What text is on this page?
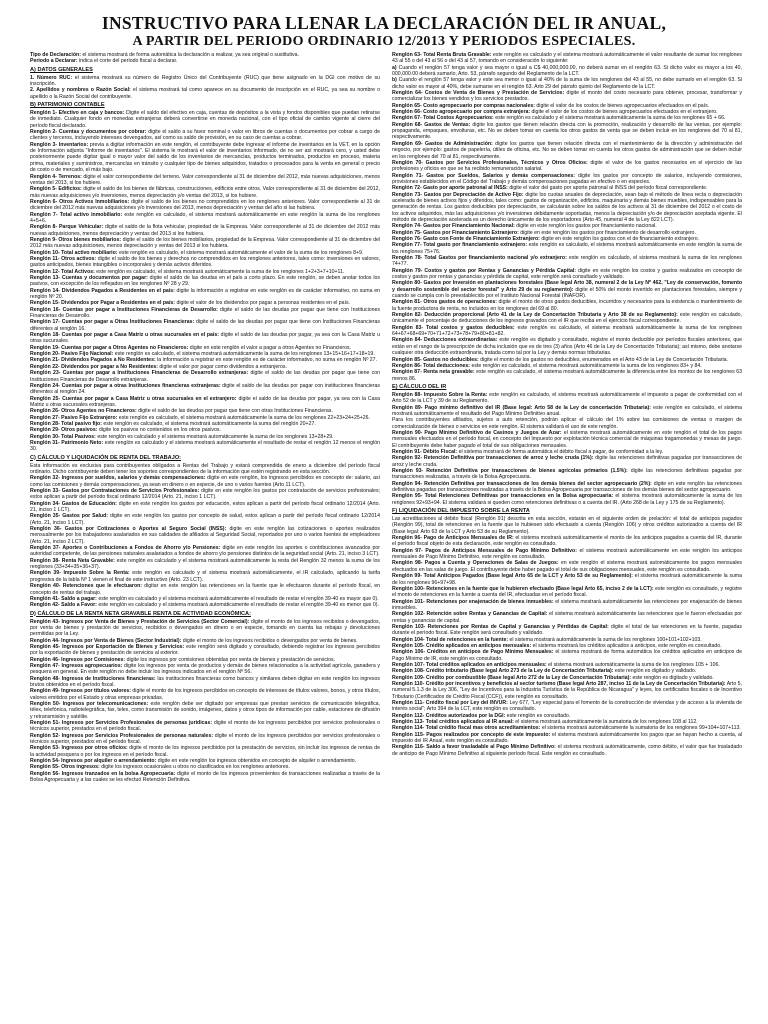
INSTRUCTIVO PARA LLENAR LA DECLARACIÓN DEL IR ANUAL,
A PARTIR DEL PERIODO ORDINARIO 12/2013 Y PERIODOS ESPECIALES.

Tipo de Declaración: el sistema mostrará de forma automática la declaración a realizar, ya sea original o sustitutiva.

Periodo a Declarar: indica el corte del período fiscal a declarar.

A) DATOS GENERALES

1. Número RUC: el sistema mostrará su número de Registro Único del Contribuyente (RUC) que tiene asignado en la DGI con motivo de su inscripción.

2. Apellidos y nombres o Razón Social: el sistema mostrará tal como aparece en su documento de inscripción en el RUC, ya sea su nombre o apellido o la Razón Social del contribuyente.

B) PATRIMONIO CONTABLE

Renglón 1- Efectivo en caja y bancos: Digite el saldo del efectivo en caja, cuentas de depósitos a la vista y fondos disponibles que puedan retirarse de inmediato. Cualquier fondo en monedas extranjeras deberá convertirse en moneda nacional, con el tipo oficial de cambio vigente al cierre del período fiscal declarado.

Renglón 2- Cuentas y documentos por cobrar: digite el saldo a su favor nominal o valor en libros de cuentas o documentos por cobrar a cargo de clientes y terceros, incluyendo intereses devengados, así como su saldo de provisión, en su caso de cuentas a cobrar.

Renglón 3- Inventarios: previa a digitar información en este renglón, el contribuyente debe ingresar el informe de inventarios en la VET, en la opción de Información adjunta "Informe de inventarios". El sistema le mostrará el valor de inventarios informado, de no ser así mostrará cero, y usted debe posteriormente puede digitar igual o mayor valor del saldo de los inventarios de mercancías, productos terminados, productos en proceso, materia prima, materiales y suministros, mercancías en tránsito y cualquier tipo de bienes adquiridos, tratados o procesados para la venta en general o precio de costo o de mercado, el más bajo.

Renglón 4- Terrenos: digite el valor correspondiente del terreno. Valor correspondiente al 31 de diciembre del 2012, más nuevas adquisiciones, menos ventas del 2013, si los hubiere.

Renglón 5- Edificios: digite el saldo de los bienes de fábricas, construcciones, edificios entre otros. Valor correspondiente al 31 de diciembre del 2012, más nuevas adquisiciones y/o inversiones, menos depreciación y/o ventas del 2013, si los hubiere.

Renglón 6- Otros Activos Inmobiliarios: digite el saldo de los bienes no comprendidos en los renglones anteriores. Valor correspondiente al 31 de diciembre del 2012 más nuevas adquisiciones y/o inversiones del 2013, menos depreciación y ventas del año si las hubiera.

Renglón 7- Total activo inmobiliario: este renglón es calculado, el sistema mostrará automáticamente en este renglón la suma de los renglones 4+5+6.

Renglón 8- Parque Vehicular: digite el saldo de la flota vehicular, propiedad de la Empresa. Valor correspondiente al 31 de diciembre del 2012 más nuevas adquisiciones, menos depreciación y ventas del 2013 si los hubiera.

Renglón 9- Otros bienes mobiliarios: digite el saldo de los bienes mobiliarios, propiedad de la Empresa. Valor correspondiente al 31 de diciembre del 2012 más nuevas adquisiciones, menos depreciación y ventas del 2013 si los hubiera.

Renglón 10- Total activo mobiliario: este renglón es calculado, el sistema mostrará automáticamente el valor de la suma de los renglones 8+9.

Renglón 11- Otros activos: digite el saldo de los bienes y derechos no comprendidos en los renglones anteriores, tales como: inversiones en valores, gastos anticipados, bienes intangibles o incorporales y demás activos diferidos.

Renglón 12- Total Activos: este renglón es calculado, el sistema mostrará automáticamente la suma de los renglones 1+2+3+7+10+11.

Renglón 13- Cuentas y documentos por pagar: digite el saldo de las deudas en el país a corto plazo. En este renglón, se deben anotar todos los pasivos, con excepción de los reflejados en los renglones Nº 28 y 29.

Renglón 14- Dividendos Pagados a Residentes en el país: digite la información a registrar en este renglón es de carácter informativo, no suma en renglón Nº 20.

Renglón 15- Dividendos por Pagar a Residentes en el país: digite el valor de los dividendos por pagar a personas residentes en el país.

Renglón 16- Cuentas por pagar a Instituciones Financieras de Desarrollo: digite el saldo de las deudas por pagar que tiene con Instituciones Financieras de Desarrollo.

Renglón 17- Cuentas por pagar a Otras Instituciones Financieras: digite el saldo de las deudas por pagar que tiene con Instituciones Financieras diferentes al renglón 16.

Renglón 18- Cuentas por pagar a Casa Matriz u otras sucursales en el país: digite el saldo de las deudas por pagar, ya sea con la Casa Matriz u otras sucursales.

Renglón 19- Cuentas por pagar a Otros Agentes no Financieros: digite en este renglón el valor a pagar a otros Agentes no Financieros.

Renglón 20- Pasivo Fijo Nacional: este renglón es calculado, el sistema mostrará automáticamente la suma de los renglones 13+15+16+17+18+19.

Renglón 21- Dividendos Pagados a No Residentes: la información a registrar en este renglón es de carácter informativo, no suma en renglón Nº 27.

Renglón 22- Dividendos por pagar a No Residentes: digite el valor por pagar como dividendos a extranjeros.

Renglón 23- Cuentas por pagar a Instituciones Financieras de Desarrollo extranjeras: digite el saldo de las deudas por pagar que tiene con Instituciones Financieras de Desarrollo extranjeras.

Renglón 24- Cuentas por pagar a otras Instituciones financieras extranjeras: digite el saldo de las deudas por pagar con instituciones financieras diferentes al renglón 24.

Renglón 25- Cuentas por pagar a Casa Matriz u otras sucursales en el extranjero: digite el saldo de las deudas por pagar, ya sea con la Casa Matriz u otras sucursales extranjeras.

Renglón 26- Otros Agentes no Financieros: digite el saldo de las deudas por pagar que tiene con otras Instituciones Financieras.

Renglón 27- Pasivo Fijo Extranjero: este renglón es calculado, el sistema mostrará automáticamente la suma de los renglones 22+23+24+25+26.

Renglón 28- Total pasivo fijo: este renglón es calculado, el sistema mostrará automáticamente la suma del renglón 20+27.

Renglón 29- Otros pasivos: digite los pasivos no contenidos en los otros pasivos.

Renglón 30- Total Pasivos: este renglón es calculado y el sistema mostrará automáticamente la suma de los renglones 13+28+29.

Renglón 31- Patrimonio Neto: este renglón es calculado y el sistema mostrará automáticamente el resultado de restar el renglón 12 menos el renglón 30.

C) CÁLCULO Y LIQUIDACIÓN DE RENTA DEL TRABAJO:

Esta información es exclusiva para contribuyentes obligados a Rentas del Trabajo y estará comprendida de enero a diciembre del período fiscal ordinario. Dicho contribuyente deben tener los soportes correspondientes de la información que estén registrando en esta sección.

Renglón 32- Ingresos por sueldos, salarios y demás compensaciones: digite en este renglón, los ingresos percibidos en concepto de: salario, así como las comisiones y demás compensaciones, ya sean en dinero o en especie, de uno o varios fuentes (Arto 11 LCT).

Renglón 33- Gastos por Contrataciones de Servicios Profesionales: digite en este renglón los gastos por contratación de servicios profesionales; estos aplican a partir del período fiscal ordinario 12/2014 (Arto. 21, inciso 1 LCT).

Renglón 34- Gastos de Educación: digite en este renglón los gastos por educación, estos aplican a partir del período fiscal ordinario 12/2014 (Arto. 21, inciso 1 LCT).

Renglón 35- Gastos por Salud: digite en este renglón los gastos por concepto de salud, estos aplican a partir del período fiscal ordinario 12/2014 (Arto. 21, inciso 1 LCT).

Renglón 36- Gastos por Cotizaciones o Aportes al Seguro Social (INSS): digite en este renglón las cotizaciones o aportes realizados mensualmente por los trabajadores asalariados en sus calidades de afiliados al Seguridad Social, reportados por uno o varios fuentes de empleadores (Arto. 21, inciso 2 LCT).

Renglón 37- Aportes o Contribuciones a Fondos de Ahorro y/o Pensiones: digite en este renglón los aportes o contribuciones avanzados por autoridad competente, de las pensiones naturales asalariados a fondos de ahorro y/o pensiones distintos de la seguridad social (Arto. 21, inciso 3 LCT).

Renglón 38- Renta Neta Gravable: este renglón es calculado y el sistema mostrará automáticamente la resta del Renglón 32 menos la suma de los renglones (33+34+35+36+37).

Renglón 39- Impuesto Sobre la Renta: este renglón es calculado y el sistema mostrará automáticamente, el IR calculado, aplicando la tarifa progresiva de la tabla Nº 1 vienen el final de este instructivo (Arto. 23 LCT).

Renglón 40- Retenciones que le efectuaron: digitar en este renglón las retenciones en la fuente que le efectuaron durante el período fiscal, en concepto de rentas del trabajo.

Renglón 41- Saldo a pagar: este renglón es calculado y el sistema mostrará automáticamente el resultado de restar el renglón 39-40 es mayor que 0).

Renglón 42- Saldo a Favor: este renglón es calculado y el sistema mostrará automáticamente el resultado de restar el renglón 39-40 es menor que 0).

D) CÁLCULO DE LA RENTA NETA GRAVABLE RENTA DE ACTIVIDAD ECONÓMICA:

Renglón 43- Ingresos por Venta de Bienes y Prestación de Servicios (Sector Comercial): digite el monto de los ingresos recibidos o devengados, por venta de bienes y prestación de servicios, recibidos o devengados en dinero o en especie, tomando en cuenta las rebajas y devoluciones permitidas por la Ley.

Renglón 44- Ingresos por Venta de Bienes (Sector Industrial): digite el monto de los ingresos recibidos o devengados por venta de bienes.

Renglón 45- Ingresos por Exportación de Bienes y Servicios: este renglón será digitado y consultado, debiendo registrar los ingresos percibidos por la exportación de bienes y prestación de servicios al exterior.

Renglón 46- Ingresos por Comisiones: digite los ingresos por comisiones obtenidas por venta de bienes y prestación de servicios.

Renglón 47- Ingresos agropecuarios: digite los ingresos por venta de productos y demás de bienes relacionados a la actividad agrícola, ganadera y pesquera en general. En este renglón no debe incluir los ingresos indicados en el renglón Nº 56.

Renglón 48- Ingresos de Instituciones financieras: las instituciones financieras como bancos y similares deben digitar en este renglón los ingresos brutos obtenidos en el período fiscal.

Renglón 49- Ingresos por títulos valores: digite el monto de los ingresos percibidos en concepto de intereses de títulos valores, bonos, y otros títulos, valores emitidos por el Estado y otras empresas privadas.

Renglón 50- Ingresos por telecomunicaciones: este renglón debe ser digitado por empresas que prestan servicios de comunicación telegráfica, télex, telefónica, radiotelegráfica, fax, telex, como transmisión de sonido, imágenes, datos y otros tipos de información por cable, estaciones de difusión y retransmisión y satélite.

Renglón 51- Ingresos por Servicios Profesionales de personas jurídicas: digite el monto de los ingresos percibidos por servicios profesionales o técnicos superior, prestados en el período fiscal.

Renglón 52- Ingresos por Servicios Profesionales de personas naturales: digite el monto de los ingresos percibidos por servicios profesionales o técnicos superior, prestados en el período fiscal.

Renglón 53- Ingresos por otros oficios: digite el monto de los ingresos percibidos por la prestación de servicios, sin incluir los ingresos de rentas de la actividad pesquera o por los ingresos en el período fiscal.

Renglón 54- Ingresos por alquiler o arrendamiento: digite en este renglón los ingresos obtenidos en concepto de alquiler o arrendamiento.

Renglón 55- Otros ingresos: digite los ingresos ocasionales u otros no clasificados en los renglones anteriores.

Renglón 56- Ingresos tranzados en la bolsa Agropecuaria: digite el monto de los ingresos provenientes de transacciones realizadas a través de la Bolsa Agropecuaria y a las cuales se les efectuó Retención Definitiva.

Renglón 63- Total Renta Bruta Gravable: este renglón es calculado y el sistema mostrará automáticamente el valor resultante de sumar los renglones 43 al 55 o del 43 al 56 o del 43 al 57, tomando en consideración lo siguiente:

a) Cuando el renglón 57 tenga valor y sea mayor o igual a C$ 40,000,000.00, no deberá sumar en el renglón 63. Si dicho valor es mayor a los 40, 000,000.00 deberá sumarlo, Arto. 53, párrafo segundo del Reglamento de la LCT.

b) Cuando el renglón 57 tenga valor y este sea menor o igual al 40% de la suma de los renglones del 43 al 55, no debe sumarlo en el renglón 63. Si dicho valor es mayor al 40%, debe sumarse en el renglón 63. Arto 29 del párrafo quinto del Reglamento de la LCT.

Renglón 64- Costos de Venta de Bienes y Prestación de Servicios: digite el monto del costo necesario para obtener, procesar, transformar y comercializar los bienes vendidos y los servicios prestados.

Renglón 65- Costo agropecuario por compras nacionales: digite el valor de los costos de bienes agropecuarios efectuados en el país.

Renglón 66- Costo agropecuario por compra extranjera: digite el valor de los costos de bienes agropecuarios efectuados en el extranjero.

Renglón 67- Total Costos Agropecuarios: este renglón es calculado y el sistema mostrará automáticamente la suma de los renglones 65 + 66.

Renglón 68- Gastos de Ventas: digite los gastos que tienen relación directa con la promoción, realización y desarrollo de las ventas, por ejemplo: propaganda, empaques, envolturas, etc. No se deben tomar en cuenta los otros gastos de venta que se deben incluir en los renglones del 70 al 81, respectivamente.

Renglón 69- Gastos de Administración: digite los gastos que tienen relación directa con el mantenimiento de la dirección y administración del negocio, por ejemplo: gastos de papelería, útiles de oficina, etc. No se deben tomar en cuenta los otros gastos de administración que se deben incluir en los renglones del 70 al 81, respectivamente.

Renglón 70- Gastos por Servicios Profesionales, Técnicos y Otros Oficios: digite el valor de los gastos necesarios en el ejercicio de las profesiones y oficios en que se ha recibido remuneración salarial.

Renglón 71- Gastos por Sueldos, Salarios y demás compensaciones: digite los gastos por concepto de salarios, incluyendo comisiones, provisiones establecidos en el Código del Trabajo y demás compensaciones pagadas en efectivo o en especies.

Renglón 72- Gasto por aporte patronal al INSS: digite el valor del gasto por aporte patronal al INSS del período fiscal correspondiente.

Renglón 73- Gastos por Depreciación de Activo Fijo: digite los cuotas anuales de depreciación, sean bajo el método de línea recta o depreciación acelerada de bienes activos fijos y diferidos, tales como: gastos de organización, edificios, maquinaria y demás bienes muebles, indispensables para la generación de rentas. Los gastos deducibles por depreciación, se calcularán sobre los saldos de los activos al 31 de diciembre del 2012 o el costo de los activos adquiridos, más las adquisiciones y/o inversiones debidamente soportadas, menos la depreciación y/o de depreciación aceptada vigente. El método de depreciación acelerada es un derecho únicamente de los exportadores (Arto 45, numeral 4 de la Ley 822 LCT).

Renglón 74- Gastos por Financiamiento Nacional: digite en este renglón los gastos por financiamiento nacional.

Renglón 75- Gastos por Financiamiento Extranjero: digite en este renglón los gastos por financiamiento de desarrollo extranjero.

Renglón 76- Gasto con Fonte de Financiamiento Extranjero: digite en este renglón los gastos con el de financiamiento extranjero.

Renglón 77- Total gasto por financiamiento extranjero: este renglón es calculado, el sistema mostrará automáticamente en este renglón la suma de los renglones 75+76.

Renglón 78- Total Gastos por financiamiento nacional y/o extranjero: este renglón es calculado, el sistema mostrará la suma de los renglones 74+77.

Renglón 79- Costos y gastos por Rentas y Ganancias y Pérdida Capital: digite en este renglón los costos y gastos realizados en concepto de costos y gastos por rentas y ganancias y pérdida de capital, este renglón será consultado y validado.

Renglón 80- Gastos por Inversión en plantaciones forestales (Base legal Arto 38, numeral 2 de la Ley Nº 462, "Ley de conservación, fomento y desarrollo sostenible del sector forestal" y Arto 29 de su reglamento): digite el 50% del monto invertido en plantaciones forestales, siempre y cuando se cumpla con lo preestablecido por el Instituto Nacional Forestal (INAFOR).

Renglón 81- Otros gastos de operaciones: digite el monto de otros gastos deducibles, incurridos y necesarios para la existencia o mantenimiento de la fuente productora de renta, no incluidos en los renglones del 69 al 80.

Renglón 82- Deducción proporcional (Arto 41 de la Ley de Concertación Tributaria y Arto 38 de su Reglamento): este renglón es calculado, únicamente el porcentaje de deducciones de los ingresos gravados con el IR que reciba en el ejercicio fiscal correspondiente.

Renglón 83- Total costos y gastos deducibles: este renglón es calculado, el sistema mostrará automáticamente la suma de los renglones 64+67+68+69+70+71+72+73+78+79+80+81+82.

Renglón 84- Deducciones extraordinarias: este renglón es digitado y consultado, registre el monto deducible por períodos fiscales anteriores, que están en el rango de la prescripción de dicha inclusión que es de tres (3) años (Arto 46 de la Ley de Concertación Tributaria); así mismo, debe anotarse cualquier otra deducción extraordinaria, tratada como tal por la Ley y demás normas tributarias.

Renglón 85- Gastos no deducibles: digite el monto de los gastos no deducibles, enumerados en el Arto 43 de la Ley de Concertación Tributaria.

Renglón 86- Total deducciones: este renglón es calculado, el sistema mostrará automáticamente la suma de los renglones 83+ y 84.

Renglón 87- Renta neta gravable: este renglón es calculado, el sistema mostrará automáticamente la diferencia entre los montos de los renglones 63 menos 86.

E) CÁLCULO DEL IR

Renglón 88- Impuesto Sobre la Renta: este renglón es calculado, el sistema mostrará automáticamente el impuesto a pagar de conformidad con el Arto 52 de la LCT y 39 de su Reglamento.

Renglón 89- Pago mínimo definitivo del IR (Base legal: Arto 58 de la Ley de concertación Tributaria): este renglón es calculado, el sistema mostrará automáticamente el resultado del Pago Mínimo Definitivo anual.

Para los contribuyentes afiliados, sujetos a auto retención, podrán aplicar el cálculo del 1% sobre las comisiones de ventas o margen de comercialización de bienes o servicios en este renglón. El sistema validará el uso de este renglón.

Renglón 90- Pago Mínimo Definitivo de Casinos y Juegos de Azar: el sistema mostrará automáticamente en este renglón el total de los pagos mensuales efectuados en el período fiscal, en concepto del Impuesto por explotación técnica comercial de máquinas tragamonedas y mesas de juego. El contribuyente debe haber pagado el total de sus obligaciones mensuales.

Renglón 91- Débito Fiscal: el sistema mostrará de forma automática el débito fiscal a pagar, de conformidad a la ley.

Renglón 92- Retención Definitiva por transacciones de arroz y leche cruda (1%): digite las retenciones definitivas pagadas por transacciones de arroz y leche cruda.

Renglón 93- Retención Definitiva por transacciones de bienes agrícolas primarios (1.5%): digite las retenciones definitivas pagadas por transacciones realizadas, a través de la Bolsa Agropecuaria.

Renglón 94- Retención Definitiva por transacciones de los demás bienes del sector agropecuario (2%): digite en este renglón las retenciones definitivas pagadas por transacciones realizadas a través de la Bolsa Agropecuaria por transacciones de los demás bienes del sector agropecuario.

Renglón 95- Total Retenciones Definitivas por transacciones en la Bolsa agropecuaria: el sistema mostrará automáticamente la suma de los renglones 92+93+94. El sistema validará si queden como retenciones definitivas o a cuenta del IR. (Arto 268 de la Ley y 175 de su Reglamento).

F) LIQUIDACIÓN DEL IMPUESTO SOBRE LA RENTA

Las acreditaciones al débito fiscal (Renglón 91) descrita en esta sección, estarán en el siguiente orden de prelación: el total de anticipos pagados (Renglón 99), total de retenciones en la fuente que le hubiesen sido efectuado a cuenta (Renglón 106) y otros créditos autorizados a cuenta del IR (Base legal: Arto 63 de la LCT y Arto 53 de su Reglamento).

Renglón 96- Pago de Anticipos Mensuales de IR: el sistema mostrará automáticamente el monto de los anticipos pagados a cuenta del IR, durante el período fiscal objeto de esta declaración, este renglón es consultado.

Renglón 97- Pagos de Anticipos Mensuales de Pago Mínimo Definitivo: el sistema mostrará automáticamente en este renglón los anticipos mensuales de Pago Mínimo Definitivo, este renglón es consultado.

Renglón 98- Pagos a Cuenta y Operaciones de Salas de Juegos: en este renglón el sistema mostrará automáticamente los pagos mensuales efectuados en las salas de juego. El contribuyente debe haber pagado el total de sus obligaciones mensuales, este renglón es consultado.

Renglón 99- Total Anticipos Pagados (Base legal Arto 65 de la LCT y Arto 53 de su Reglamento): el sistema mostrará automáticamente la suma de los renglones 96+97+98.

Renglón 100- Retenciones en la fuente que le hubieren efectuado (Base legal Arto 65, inciso 2 de la LCT): este renglón es consultado, y registre el monto de retenciones en la fuente a cuenta del IR, efectuadas en el período fiscal.

Renglón 101- Retenciones por enajenación de bienes inmuebles: el sistema mostrará automáticamente las retenciones por enajenación de bienes inmuebles.

Renglón 102- Retención sobre Rentas y Ganancias de Capital: el sistema mostrará automáticamente las retenciones que le fueron efectuadas por rentas y ganancias de capital.

Renglón 103- Retenciones por Rentas de Capital y Ganancias y Pérdidas de Capital: digite el total de las retenciones en la fuente, pagadas durante el período fiscal. Este renglón será consultado y validado.

Renglón 104- Total de retenciones en la fuente: el sistema mostrará automáticamente la suma de los renglones 100+101+102+103.

Renglón 105- Crédito aplicados en anticipos mensuales: el sistema mostrará los créditos aplicados a anticipos, este renglón es consultado.

Renglón 106- Créditos en anticipos de Pago Mínimo Mensuales: el sistema mostrará de forma automática los créditos aplicados en anticipos de Pago Mínimo de IR, este renglón es consultado.

Renglón 107- Total créditos aplicados en anticipos mensuales: el sistema mostrará automáticamente la suma de los renglones 105 + 106.

Renglón 108- Crédito tributario (Base legal Arto 273 de la Ley de Concertación Tributaria): este renglón es digitado y validado.

Renglón 109- Crédito por combustible (Base legal Arto 272 de la Ley de Concertación Tributaria): este renglón es digitado y validado.

Renglón 110- Crédito por incentivos y beneficios al sector turismo (Base legal Arto 287, inciso 11 de la Ley de Concertación Tributaria): Arto 5, numeral 5.1.3 de la Ley 306, "Ley de Incentivos para la Industria Turística de la República de Nicaragua" y leyes, los certificados fiscales o de Incentivo Tributario (Certificados de Crédito Fiscal (CCF)), este renglón es consultado.

Renglón 111- Crédito fiscal por Ley del INVUR: Ley 677, "Ley especial para el fomento de la construcción de viviendas y de acceso a la vivienda de interés social"; Arto 394 de la LCT, este renglón es consultado.

Renglón 112- Créditos autorizados por la DGI: este renglón es consultado.

Renglón 113- Total créditos aplicados al IR anual: el sistema mostrará automáticamente la sumatoria de los renglones 108 al 112.

Renglón 114- Total crédito fiscal mas otros acreditamientos: el sistema mostrará automáticamente la sumatoria de los renglones 99+104+107+113.

Renglón 115- Pagos realizados por concepto de este impuesto: el sistema mostrará automáticamente los pagos que se hayan hecho a cuenta, al impuesto del IR Anual, este renglón es consultado.

Renglón 116- Saldo a favor trasladable al Pago Mínimo Definitivo: el sistema mostrará automáticamente, como débito, el valor que fue trasladado de anticipo de Pago Mínimo Definitivo al siguiente período fiscal. Este renglón es consultado.
